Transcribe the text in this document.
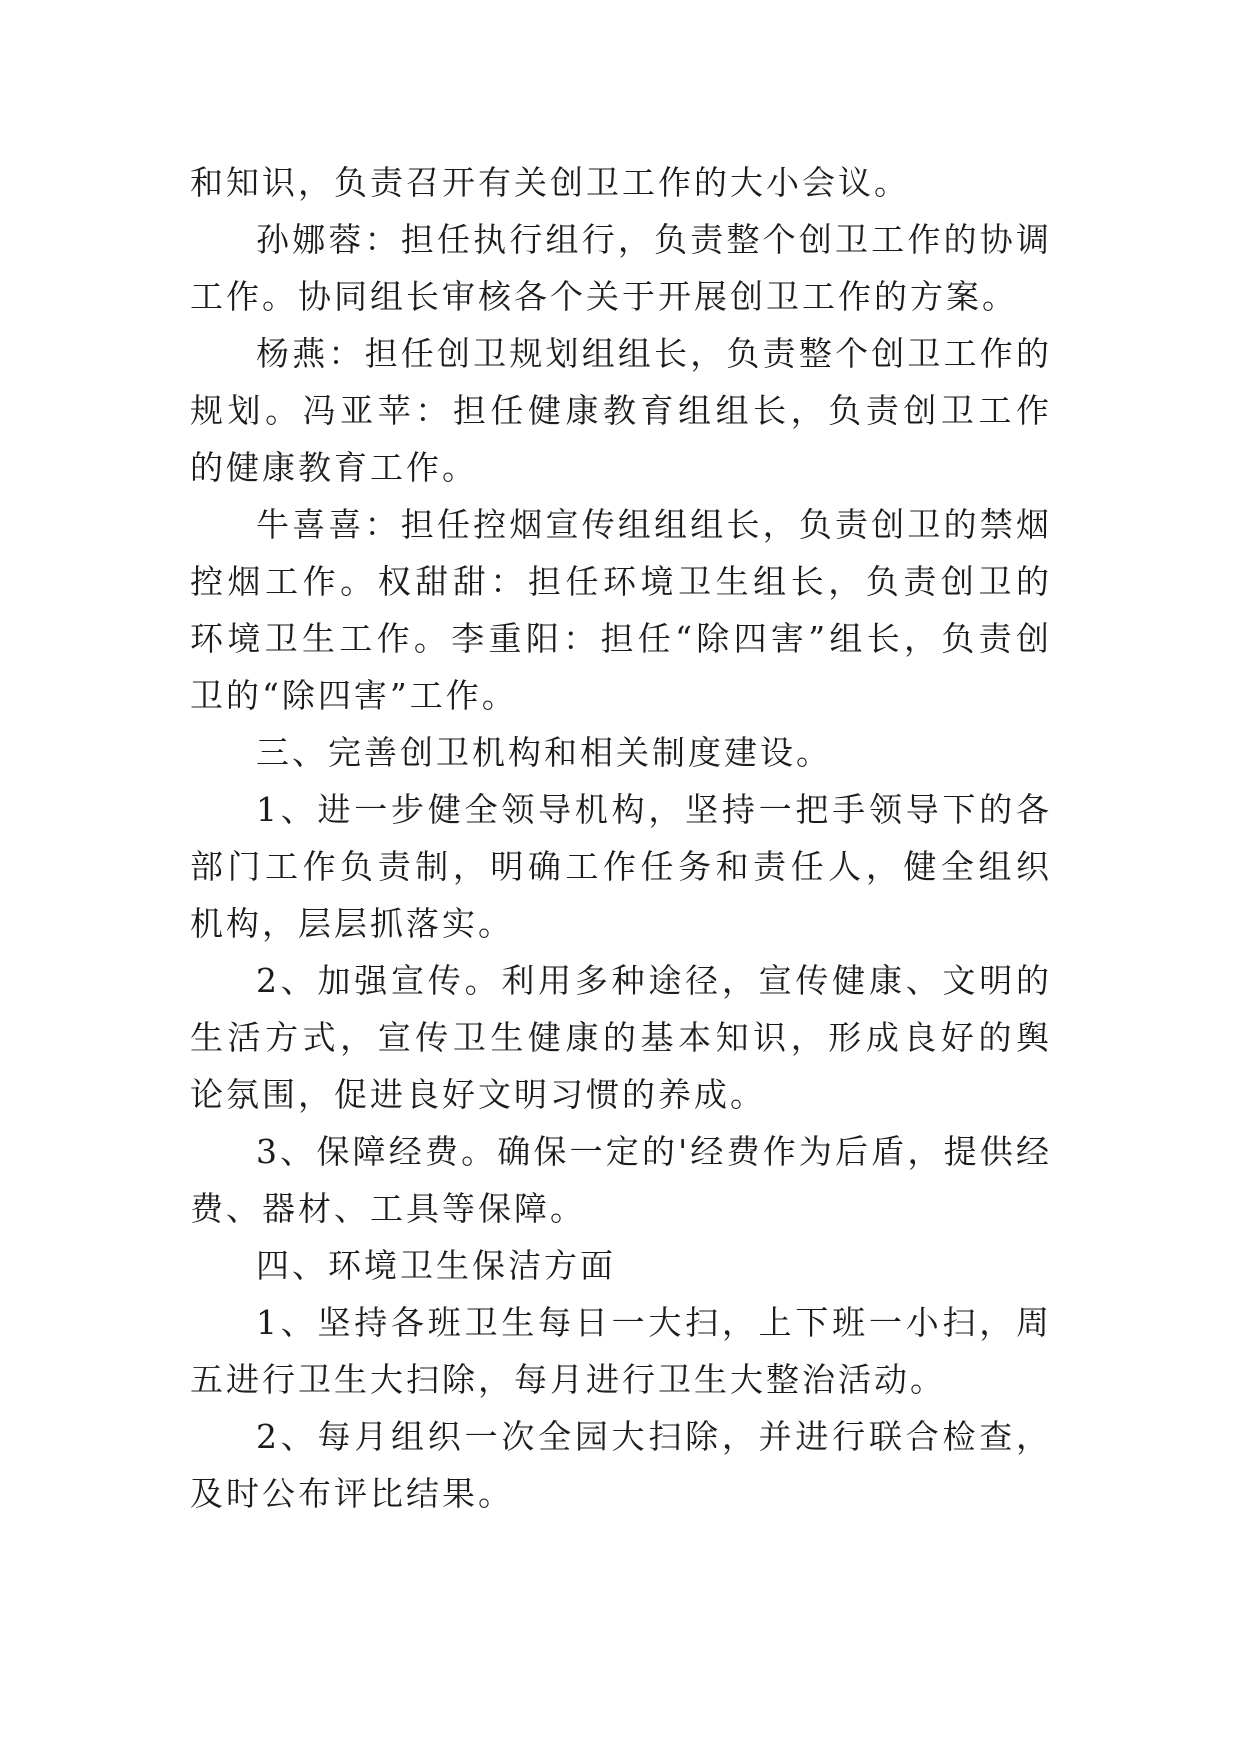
和知识，负责召开有关创卫工作的大小会议。

孙娜蓉：担任执行组行，负责整个创卫工作的协调工作。协同组长审核各个关于开展创卫工作的方案。

杨燕：担任创卫规划组组长，负责整个创卫工作的规划。冯亚苹：担任健康教育组组长，负责创卫工作的健康教育工作。

牛喜喜：担任控烟宣传组组组长，负责创卫的禁烟控烟工作。权甜甜：担任环境卫生组长，负责创卫的环境卫生工作。李重阳：担任“除四害”组长，负责创卫的“除四害”工作。

三、完善创卫机构和相关制度建设。

1、进一步健全领导机构，坚持一把手领导下的各部门工作负责制，明确工作任务和责任人，健全组织机构，层层抓落实。

2、加强宣传。利用多种途径，宣传健康、文明的生活方式，宣传卫生健康的基本知识，形成良好的舆论氛围，促进良好文明习惯的养成。

3、保障经费。确保一定的'经费作为后盾，提供经费、器材、工具等保障。

四、环境卫生保洁方面

1、坚持各班卫生每日一大扫，上下班一小扫，周五进行卫生大扫除，每月进行卫生大整治活动。

2、每月组织一次全园大扫除，并进行联合检查，及时公布评比结果。
